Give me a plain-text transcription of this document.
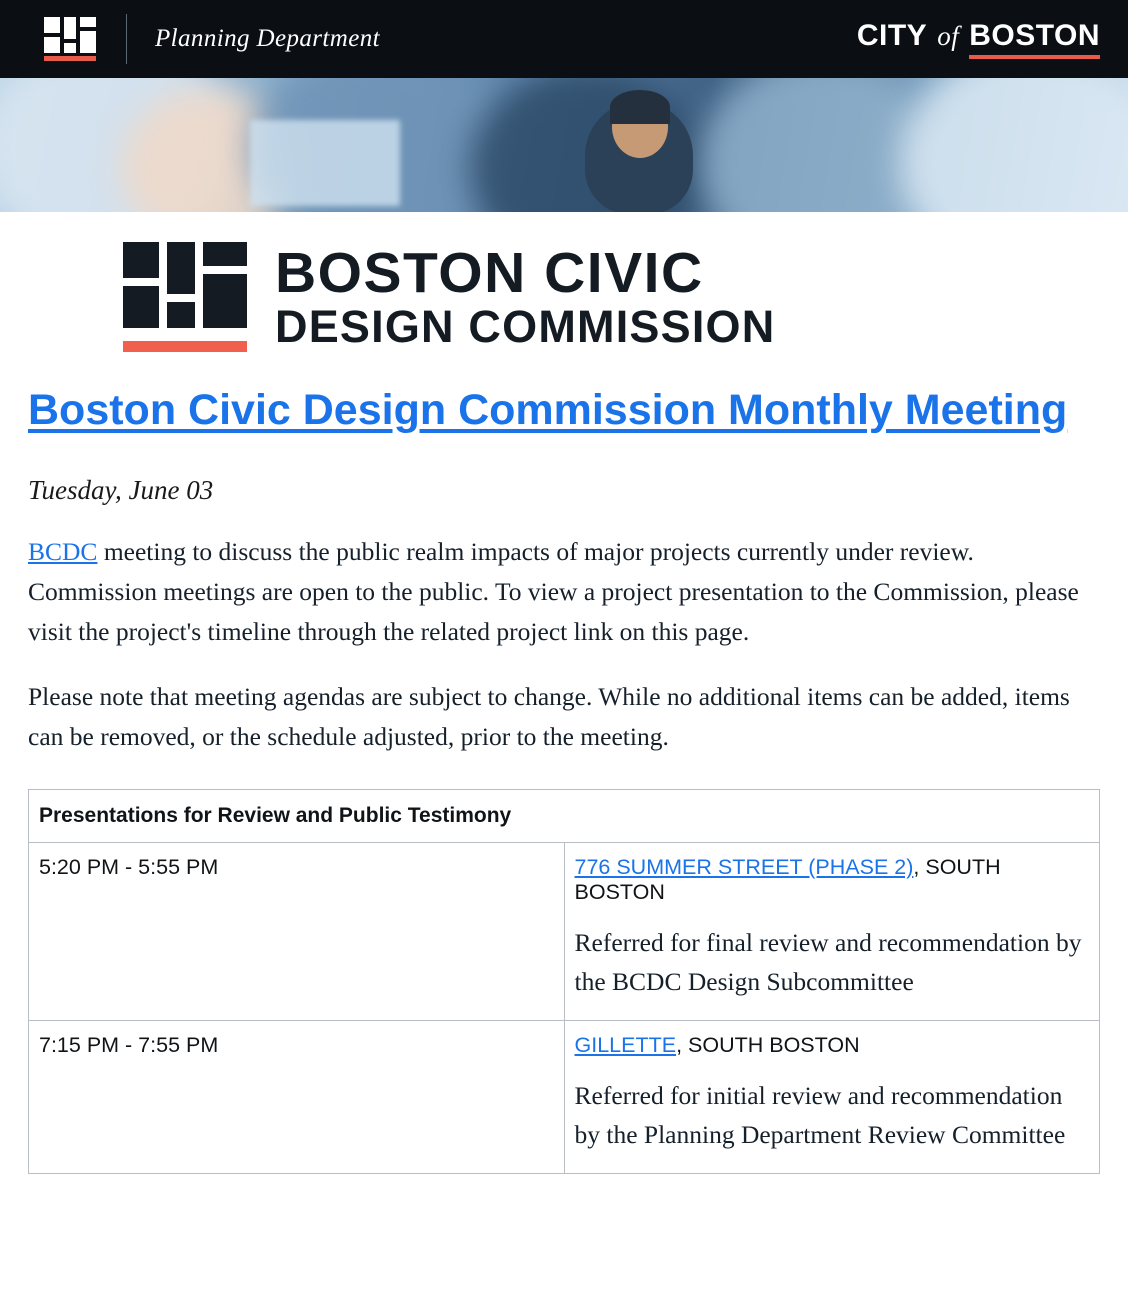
Planning Department	CITY of BOSTON
BOSTON CIVIC
DESIGN COMMISSION
Boston Civic Design Commission Monthly Meeting
Tuesday, June 03

BCDC meeting to discuss the public realm impacts of major projects currently under review. Commission meetings are open to the public. To view a project presentation to the Commission, please visit the project's timeline through the related project link on this page.

Please note that meeting agendas are subject to change. While no additional items can be added, items can be removed, or the schedule adjusted, prior to the meeting.

Presentations for Review and Public Testimony	
5:20 PM - 5:55 PM	776 SUMMER STREET (PHASE 2), SOUTH BOSTON
Referred for final review and recommendation by the BCDC Design Subcommittee

7:15 PM - 7:55 PM	GILLETTE, SOUTH BOSTON
Referred for initial review and recommendation by the Planning Department Review Committee
